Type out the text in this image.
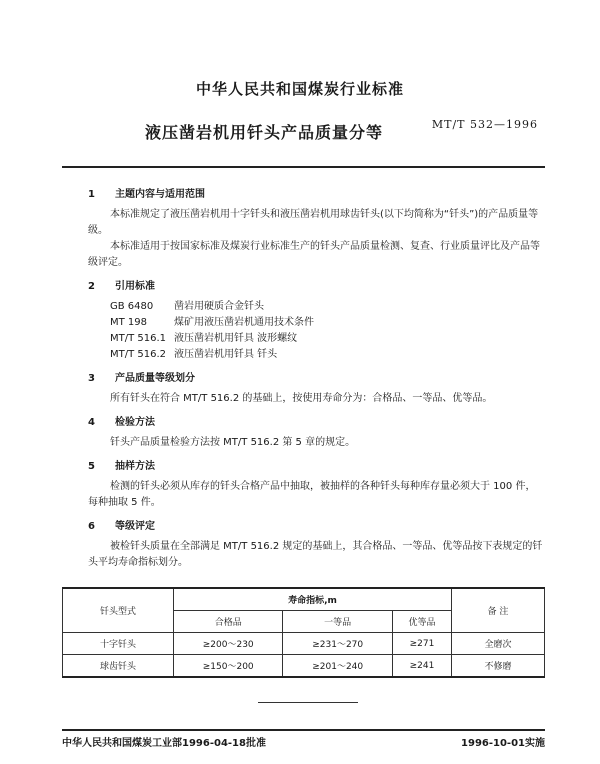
中华人民共和国煤炭行业标准
液压凿岩机用钎头产品质量分等	MT/T 532—1996
1	主题内容与适用范围

本标准规定了液压凿岩机用十字钎头和液压凿岩机用球齿钎头(以下均简称为“钎头”)的产品质量等级。

本标准适用于按国家标准及煤炭行业标准生产的钎头产品质量检测、复查、行业质量评比及产品等级评定。

2	引用标准
GB 6480	凿岩用硬质合金钎头
MT 198	煤矿用液压凿岩机通用技术条件
MT/T 516.1 液压凿岩机用钎具 波形螺纹
MT/T 516.2 液压凿岩机用钎具 钎头
3	产品质量等级划分

所有钎头在符合 MT/T 516.2 的基础上，按使用寿命分为：合格品、一等品、优等品。

4	检验方法

钎头产品质量检验方法按 MT/T 516.2 第 5 章的规定。

5	抽样方法

检测的钎头必须从库存的钎头合格产品中抽取，被抽样的各种钎头每种库存量必须大于 100 件，每种抽取 5 件。

6	等级评定

被检钎头质量在全部满足 MT/T 516.2 规定的基础上，其合格品、一等品、优等品按下表规定的钎头平均寿命指标划分。

钎头型式	寿命指标,m			备 注
	合格品	一等品	优等品	
十字钎头	≥200～230	≥231～270	≥271	全磨次
球齿钎头	≥150～200	≥201～240	≥241	不修磨
中华人民共和国煤炭工业部1996-04-18批准	1996-10-01实施
